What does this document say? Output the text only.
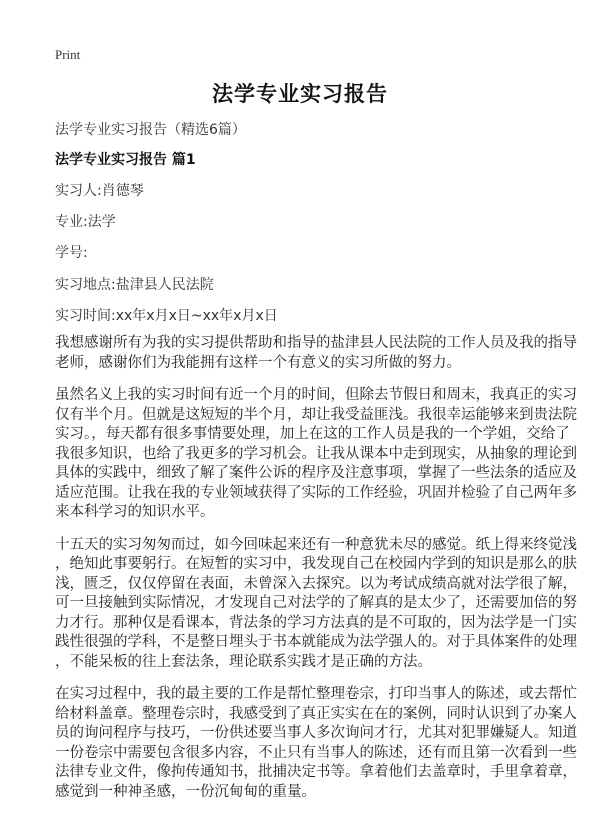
Print
法学专业实习报告
法学专业实习报告（精选6篇）
法学专业实习报告 篇1
实习人:肖德琴
专业:法学
学号:
实习地点:盐津县人民法院
实习时间:xx年x月x日~xx年x月x日
我想感谢所有为我的实习提供帮助和指导的盐津县人民法院的工作人员及我的指导
老师，感谢你们为我能拥有这样一个有意义的实习所做的努力。
虽然名义上我的实习时间有近一个月的时间，但除去节假日和周末，我真正的实习
仅有半个月。但就是这短短的半个月，却让我受益匪浅。我很幸运能够来到贵法院
实习。，每天都有很多事情要处理，加上在这的工作人员是我的一个学姐，交给了
我很多知识，也给了我更多的学习机会。让我从课本中走到现实，从抽象的理论到
具体的实践中，细致了解了案件公诉的程序及注意事项，掌握了一些法条的适应及
适应范围。让我在我的专业领域获得了实际的工作经验，巩固并检验了自己两年多
来本科学习的知识水平。
十五天的实习匆匆而过，如今回味起来还有一种意犹未尽的感觉。纸上得来终觉浅
，绝知此事要躬行。在短暂的实习中，我发现自己在校园内学到的知识是那么的肤
浅，匮乏，仅仅停留在表面，未曾深入去探究。以为考试成绩高就对法学很了解，
可一旦接触到实际情况，才发现自己对法学的了解真的是太少了，还需要加倍的努
力才行。那种仅是看课本，背法条的学习方法真的是不可取的，因为法学是一门实
践性很强的学科，不是整日埋头于书本就能成为法学强人的。对于具体案件的处理
，不能呆板的往上套法条，理论联系实践才是正确的方法。
在实习过程中，我的最主要的工作是帮忙整理卷宗，打印当事人的陈述，或去帮忙
给材料盖章。整理卷宗时，我感受到了真正实实在在的案例，同时认识到了办案人
员的询问程序与技巧，一份供述要当事人多次询问才行，尤其对犯罪嫌疑人。知道
一份卷宗中需要包含很多内容，不止只有当事人的陈述，还有而且第一次看到一些
法律专业文件，像拘传通知书，批捕决定书等。拿着他们去盖章时，手里拿着章，
感觉到一种神圣感，一份沉甸甸的重量。
